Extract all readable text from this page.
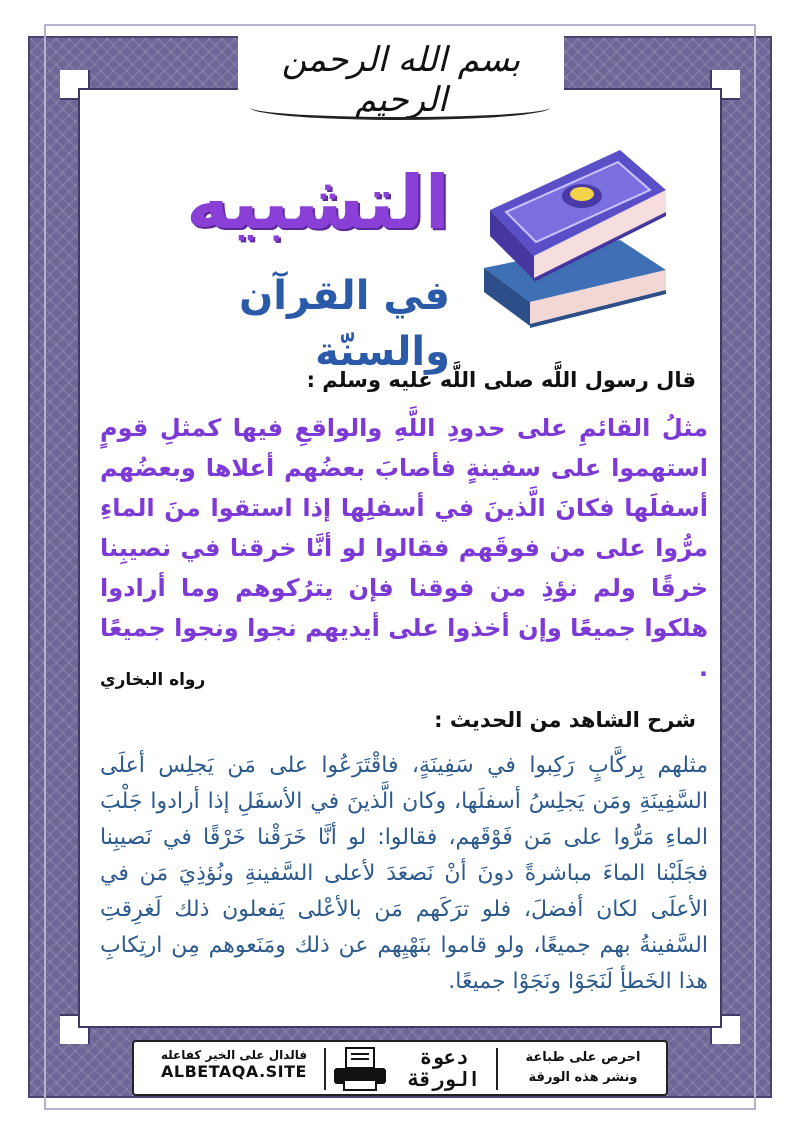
بسم الله الرحمن الرحيم
التشبيه
في القرآن والسنّة
قال رسول اللَّه صلى اللَّه عليه وسلم :
مثلُ القائمِ على حدودِ اللَّهِ والواقعِ فيها كمثلِ قومٍ استهموا على سفينةٍ فأصابَ بعضُهم أعلاها وبعضُهم أسفلَها فكانَ الَّذينَ في أسفلِها إذا استقوا منَ الماءِ مرُّوا على من فوقَهم فقالوا لو أنَّا خرقنا في نصيبِنا خرقًا ولم نؤذِ من فوقنا فإن يترُكوهم وما أرادوا هلكوا جميعًا وإن أخذوا على أيديهم نجوا ونجوا جميعًا .
رواه البخاري
شرح الشاهد من الحديث :
مثلهم بِركَّابٍ رَكِبوا في سَفِينَةٍ، فاقْتَرَعُوا على مَن يَجلِس أعلَى السَّفِينَةِ ومَن يَجلِسُ أسفلَها، وكان الَّذينَ في الأسفَلِ إذا أرادوا جَلْبَ الماءِ مَرُّوا على مَن فَوْقَهم، فقالوا: لو أنَّا خَرَقْنا خَرْقًا في نَصيبِنا فجَلَبْنا الماءَ مباشرةً دونَ أنْ نَصعَدَ لأعلى السَّفينةِ ونُؤذِيَ مَن في الأعلَى لكان أفضلَ، فلو ترَكَهم مَن بالأعْلى يَفعلون ذلك لَغرِقتِ السَّفينةُ بهم جميعًا، ولو قاموا بنَهْيِهم عن ذلك ومَنَعوهم مِن ارتِكابِ هذا الخَطأِ لَنَجَوْا ونَجَوْا جميعًا.
احرص على طباعة
ونشر هذه الورقة
دعوة
الورقة
فالدال على الخير كفاعله
ALBETAQA.SITE
